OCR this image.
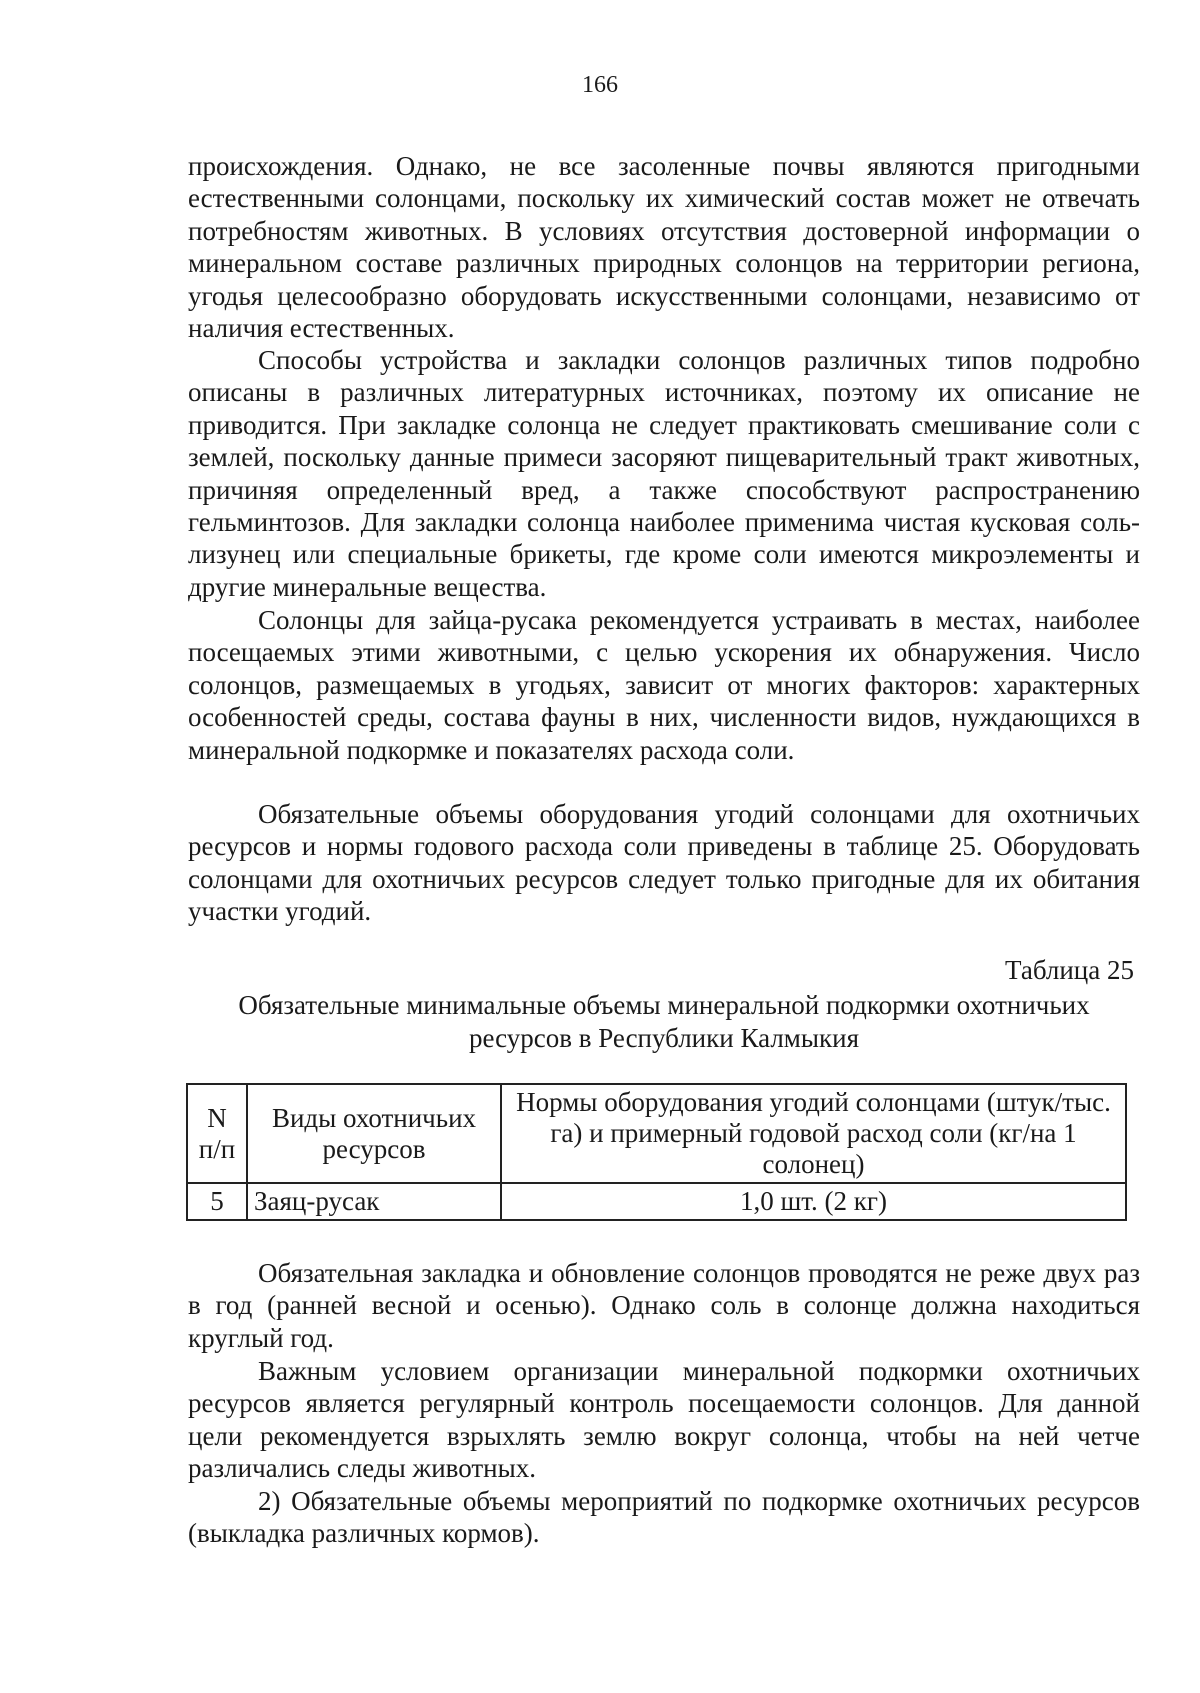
166

происхождения. Однако, не все засоленные почвы являются пригодными естественными солонцами, поскольку их химический состав может не отвечать потребностям животных. В условиях отсутствия достоверной информации о минеральном составе различных природных солонцов на территории региона, угодья целесообразно оборудовать искусственными солонцами, независимо от наличия естественных.

Способы устройства и закладки солонцов различных типов подробно описаны в различных литературных источниках, поэтому их описание не приводится. При закладке солонца не следует практиковать смешивание соли с землей, поскольку данные примеси засоряют пищеварительный тракт животных, причиняя определенный вред, а также способствуют распространению гельминтозов. Для закладки солонца наиболее применима чистая кусковая соль-лизунец или специальные брикеты, где кроме соли имеются микроэлементы и другие минеральные вещества.

Солонцы для зайца-русака рекомендуется устраивать в местах, наиболее посещаемых этими животными, с целью ускорения их обнаружения. Число солонцов, размещаемых в угодьях, зависит от многих факторов: характерных особенностей среды, состава фауны в них, численности видов, нуждающихся в минеральной подкормке и показателях расхода соли.

Обязательные объемы оборудования угодий солонцами для охотничьих ресурсов и нормы годового расхода соли приведены в таблице 25. Оборудовать солонцами для охотничьих ресурсов следует только пригодные для их обитания участки угодий.

Таблица 25
Обязательные минимальные объемы минеральной подкормки охотничьих
ресурсов в Республики Калмыкия
N
п/п	Виды охотничьих ресурсов	Нормы оборудования угодий солонцами (штук/тыс. га) и примерный годовой расход соли (кг/на 1 солонец)
5	Заяц-русак	1,0 шт. (2 кг)

Обязательная закладка и обновление солонцов проводятся не реже двух раз в год (ранней весной и осенью). Однако соль в солонце должна находиться круглый год.

Важным условием организации минеральной подкормки охотничьих ресурсов является регулярный контроль посещаемости солонцов. Для данной цели рекомендуется взрыхлять землю вокруг солонца, чтобы на ней четче различались следы животных.

2) Обязательные объемы мероприятий по подкормке охотничьих ресурсов (выкладка различных кормов).
